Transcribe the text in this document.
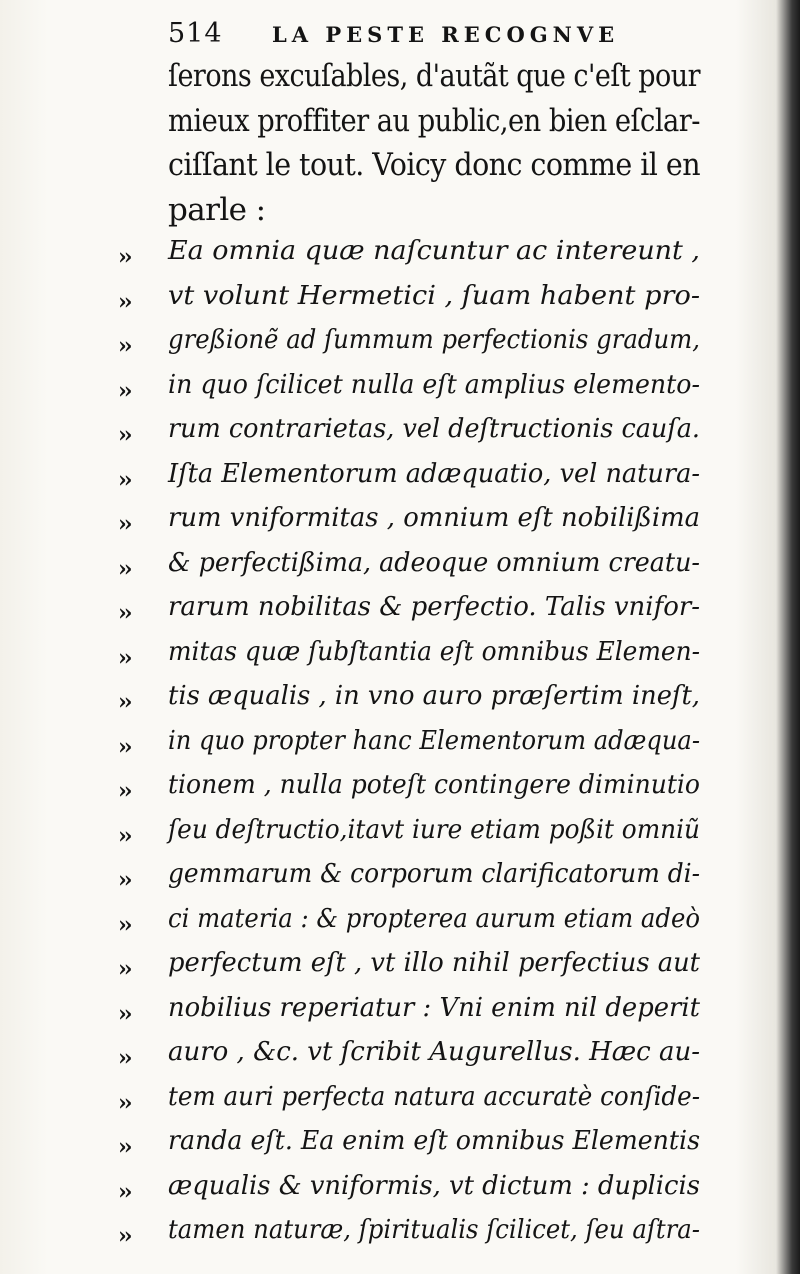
514 LA PESTE RECOGNVE
ſerons excuſables, d'autãt que c'eſt pour
mieux proffiter au public,en bien eſclar-
ciſſant le tout. Voicy donc comme il en
parle :
›› Ea omnia quæ naſcuntur ac intereunt ,
›› vt volunt Hermetici , ſuam habent pro-
›› greßionẽ ad ſummum perfectionis gradum,
›› in quo ſcilicet nulla eſt amplius elemento-
›› rum contrarietas, vel deſtructionis cauſa.
›› Iſta Elementorum adæquatio, vel natura-
›› rum vniformitas , omnium eſt nobilißima
›› & perfectißima, adeoque omnium creatu-
›› rarum nobilitas & perfectio. Talis vnifor-
›› mitas quæ ſubſtantia eſt omnibus Elemen-
›› tis æqualis , in vno auro præſertim ineſt,
›› in quo propter hanc Elementorum adæqua-
›› tionem , nulla poteſt contingere diminutio
›› ſeu deſtructio,itavt iure etiam poßit omniũ
›› gemmarum & corporum clarificatorum di-
›› ci materia : & propterea aurum etiam adeò
›› perfectum eſt , vt illo nihil perfectius aut
›› nobilius reperiatur : Vni enim nil deperit
›› auro , &c. vt ſcribit Augurellus. Hæc au-
›› tem auri perfecta natura accuratè conſide-
›› randa eſt. Ea enim eſt omnibus Elementis
›› æqualis & vniformis, vt dictum : duplicis
›› tamen naturæ, ſpiritualis ſcilicet, ſeu aſtra-
